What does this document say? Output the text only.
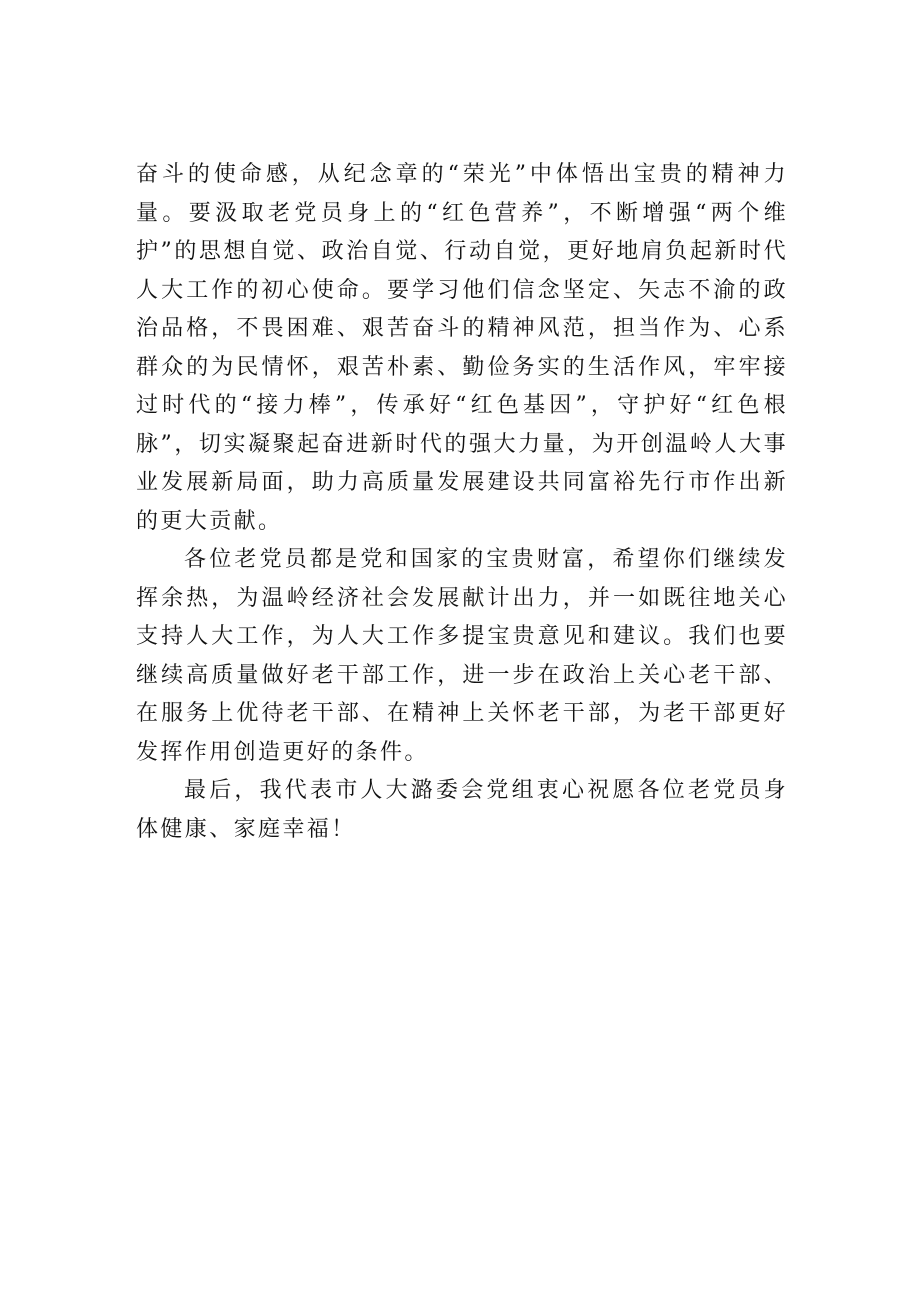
奋斗的使命感，从纪念章的“荣光”中体悟出宝贵的精神力量。要汲取老党员身上的“红色营养”，不断增强“两个维护”的思想自觉、政治自觉、行动自觉，更好地肩负起新时代人大工作的初心使命。要学习他们信念坚定、矢志不渝的政治品格，不畏困难、艰苦奋斗的精神风范，担当作为、心系群众的为民情怀，艰苦朴素、勤俭务实的生活作风，牢牢接过时代的“接力棒”，传承好“红色基因”，守护好“红色根脉”，切实凝聚起奋进新时代的强大力量，为开创温岭人大事业发展新局面，助力高质量发展建设共同富裕先行市作出新的更大贡献。

各位老党员都是党和国家的宝贵财富，希望你们继续发挥余热，为温岭经济社会发展献计出力，并一如既往地关心支持人大工作，为人大工作多提宝贵意见和建议。我们也要继续高质量做好老干部工作，进一步在政治上关心老干部、在服务上优待老干部、在精神上关怀老干部，为老干部更好发挥作用创造更好的条件。

最后，我代表市人大潞委会党组衷心祝愿各位老党员身体健康、家庭幸福！
